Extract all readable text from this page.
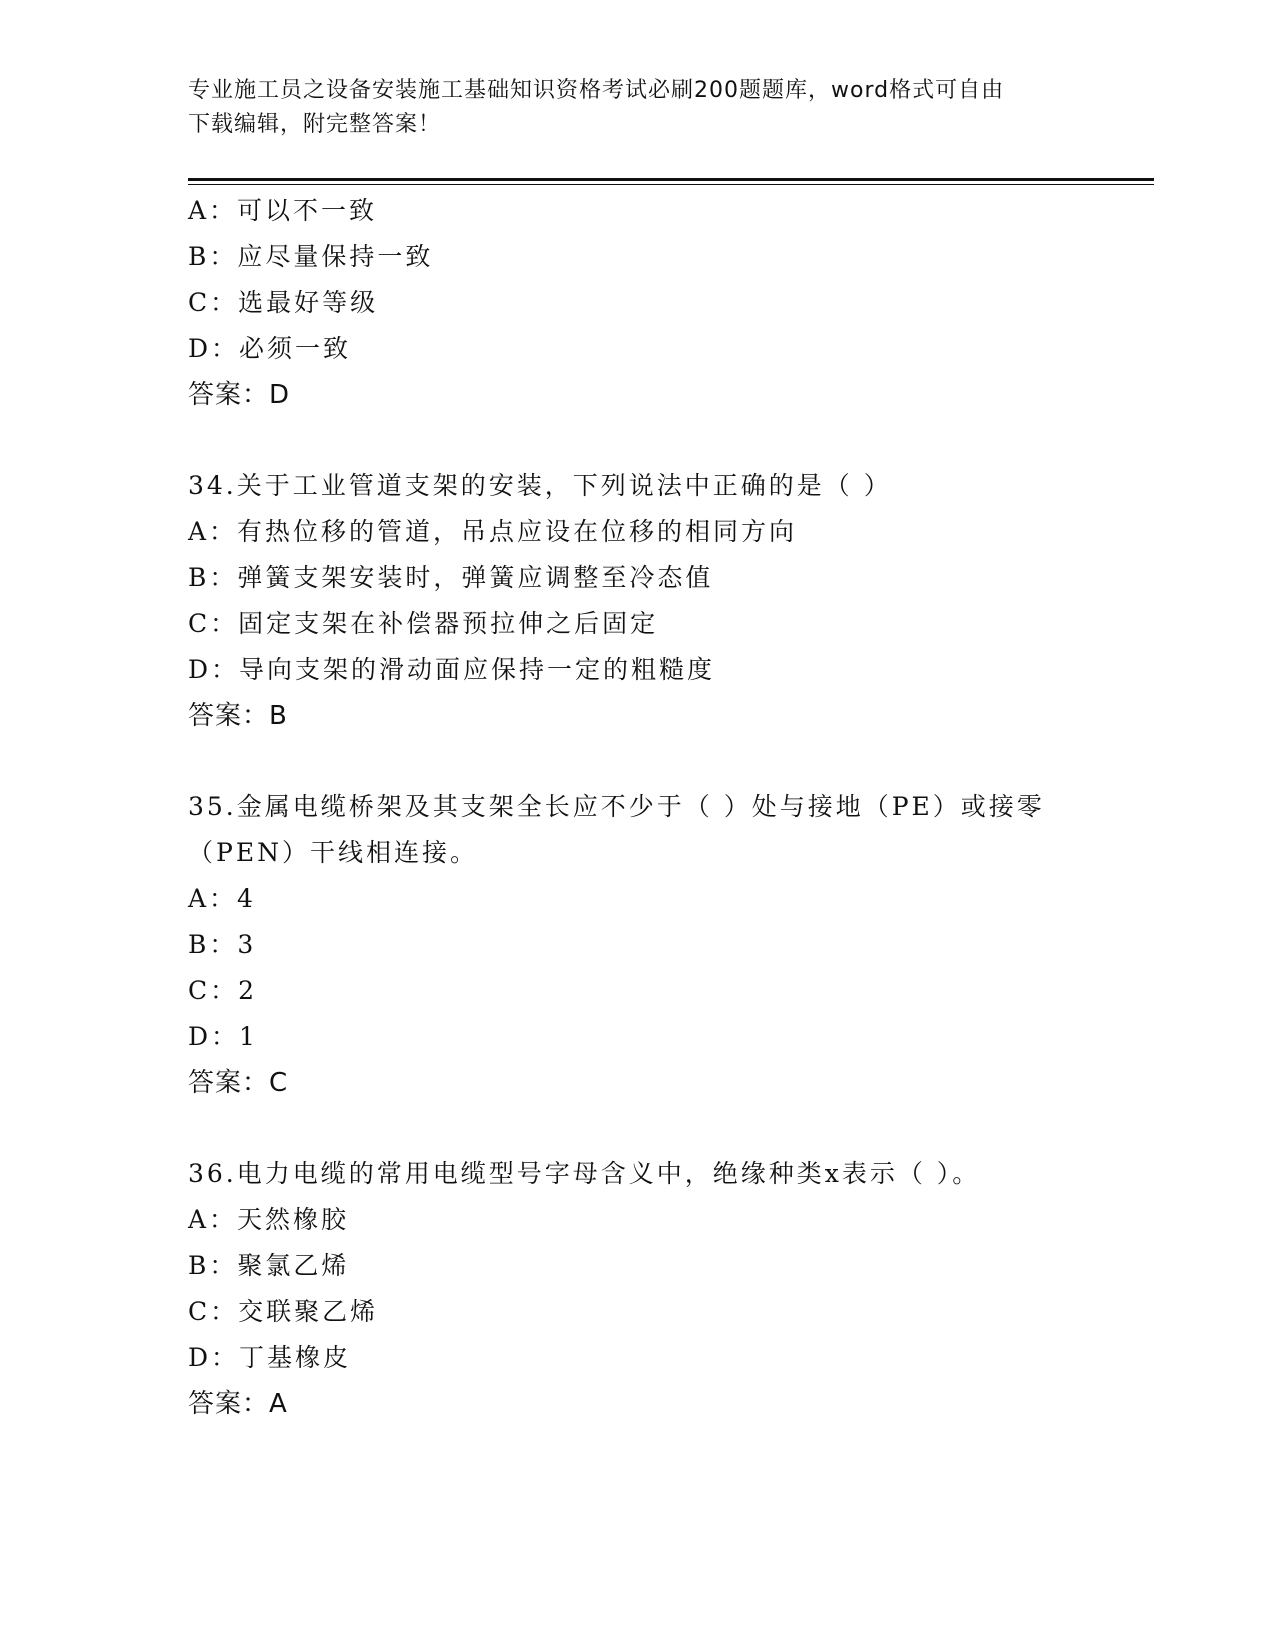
专业施工员之设备安装施工基础知识资格考试必刷200题题库，word格式可自由
下载编辑，附完整答案！
A：可以不一致
B：应尽量保持一致
C：选最好等级
D：必须一致
答案：D
34.关于工业管道支架的安装，下列说法中正确的是（ ）
A：有热位移的管道，吊点应设在位移的相同方向
B：弹簧支架安装时，弹簧应调整至冷态值
C：固定支架在补偿器预拉伸之后固定
D：导向支架的滑动面应保持一定的粗糙度
答案：B
35.金属电缆桥架及其支架全长应不少于（ ）处与接地（PE）或接零
（PEN）干线相连接。
A：4
B：3
C：2
D：1
答案：C
36.电力电缆的常用电缆型号字母含义中，绝缘种类x表示（ ）。
A：天然橡胶
B：聚氯乙烯
C：交联聚乙烯
D：丁基橡皮
答案：A
